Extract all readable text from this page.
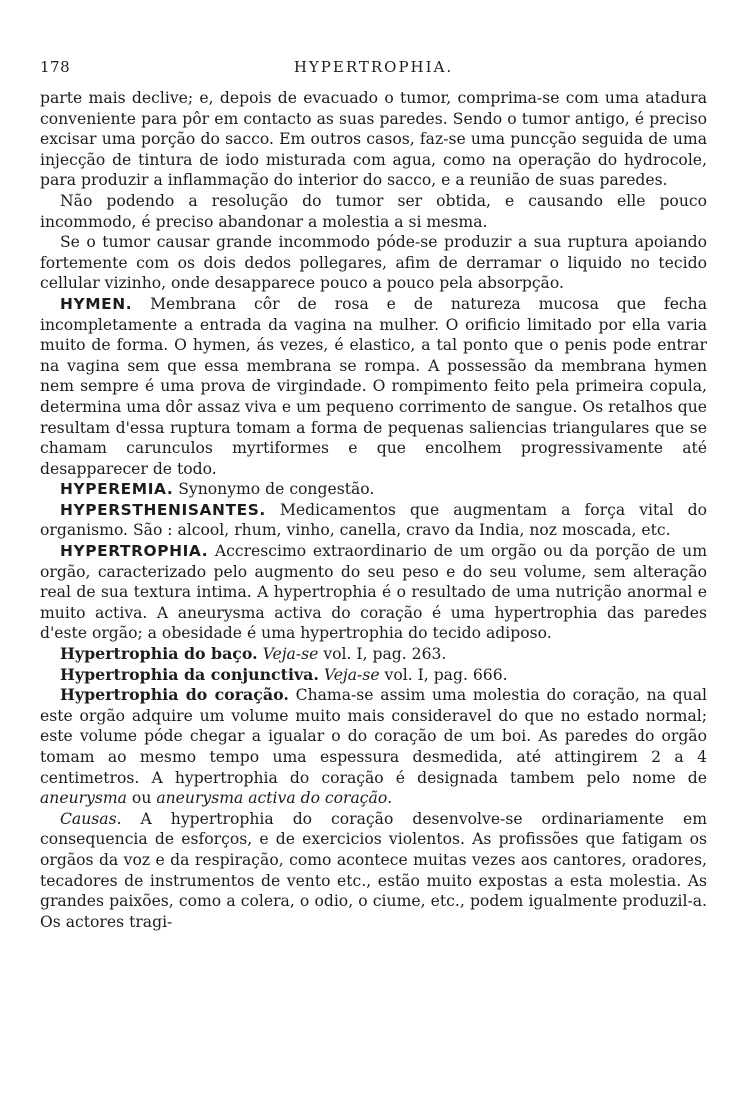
178	HYPERTROPHIA.

parte mais declive; e, depois de evacuado o tumor, comprima-se com uma atadura conveniente para pôr em contacto as suas paredes. Sendo o tumor antigo, é preciso excisar uma porção do sacco. Em outros casos, faz-se uma puncção seguida de uma injecção de tintura de iodo misturada com agua, como na operação do hydrocole, para produzir a inflammação do interior do sacco, e a reunião de suas paredes.

Não podendo a resolução do tumor ser obtida, e causando elle pouco incommodo, é preciso abandonar a molestia a si mesma.

Se o tumor causar grande incommodo póde-se produzir a sua ruptura apoiando fortemente com os dois dedos pollegares, afim de derramar o liquido no tecido cellular vizinho, onde desapparece pouco a pouco pela absorpção.

HYMEN. Membrana côr de rosa e de natureza mucosa que fecha incompletamente a entrada da vagina na mulher. O orificio limitado por ella varia muito de forma. O hymen, ás vezes, é elastico, a tal ponto que o penis pode entrar na vagina sem que essa membrana se rompa. A possessão da membrana hymen nem sempre é uma prova de virgindade. O rompimento feito pela primeira copula, determina uma dôr assaz viva e um pequeno corrimento de sangue. Os retalhos que resultam d'essa ruptura tomam a forma de pequenas saliencias triangulares que se chamam carunculos myrtiformes e que encolhem progressivamente até desapparecer de todo.

HYPEREMIA. Synonymo de congestão.

HYPERSTHENISANTES. Medicamentos que augmentam a força vital do organismo. São : alcool, rhum, vinho, canella, cravo da India, noz moscada, etc.

HYPERTROPHIA. Accrescimo extraordinario de um orgão ou da porção de um orgão, caracterizado pelo augmento do seu peso e do seu volume, sem alteração real de sua textura intima. A hypertrophia é o resultado de uma nutrição anormal e muito activa. A aneurysma activa do coração é uma hypertrophia das paredes d'este orgão; a obesidade é uma hypertrophia do tecido adiposo.

Hypertrophia do baço. Veja-se vol. I, pag. 263.

Hypertrophia da conjunctiva. Veja-se vol. I, pag. 666.

Hypertrophia do coração. Chama-se assim uma molestia do coração, na qual este orgão adquire um volume muito mais consideravel do que no estado normal; este volume póde chegar a igualar o do coração de um boi. As paredes do orgão tomam ao mesmo tempo uma espessura desmedida, até attingirem 2 a 4 centimetros. A hypertrophia do coração é designada tambem pelo nome de aneurysma ou aneurysma activa do coração.

Causas. A hypertrophia do coração desenvolve-se ordinariamente em consequencia de esforços, e de exercicios violentos. As profissões que fatigam os orgãos da voz e da respiração, como acontece muitas vezes aos cantores, oradores, tecadores de instrumentos de vento etc., estão muito expostas a esta molestia. As grandes paixões, como a colera, o odio, o ciume, etc., podem igualmente produzil-a. Os actores tragi-
